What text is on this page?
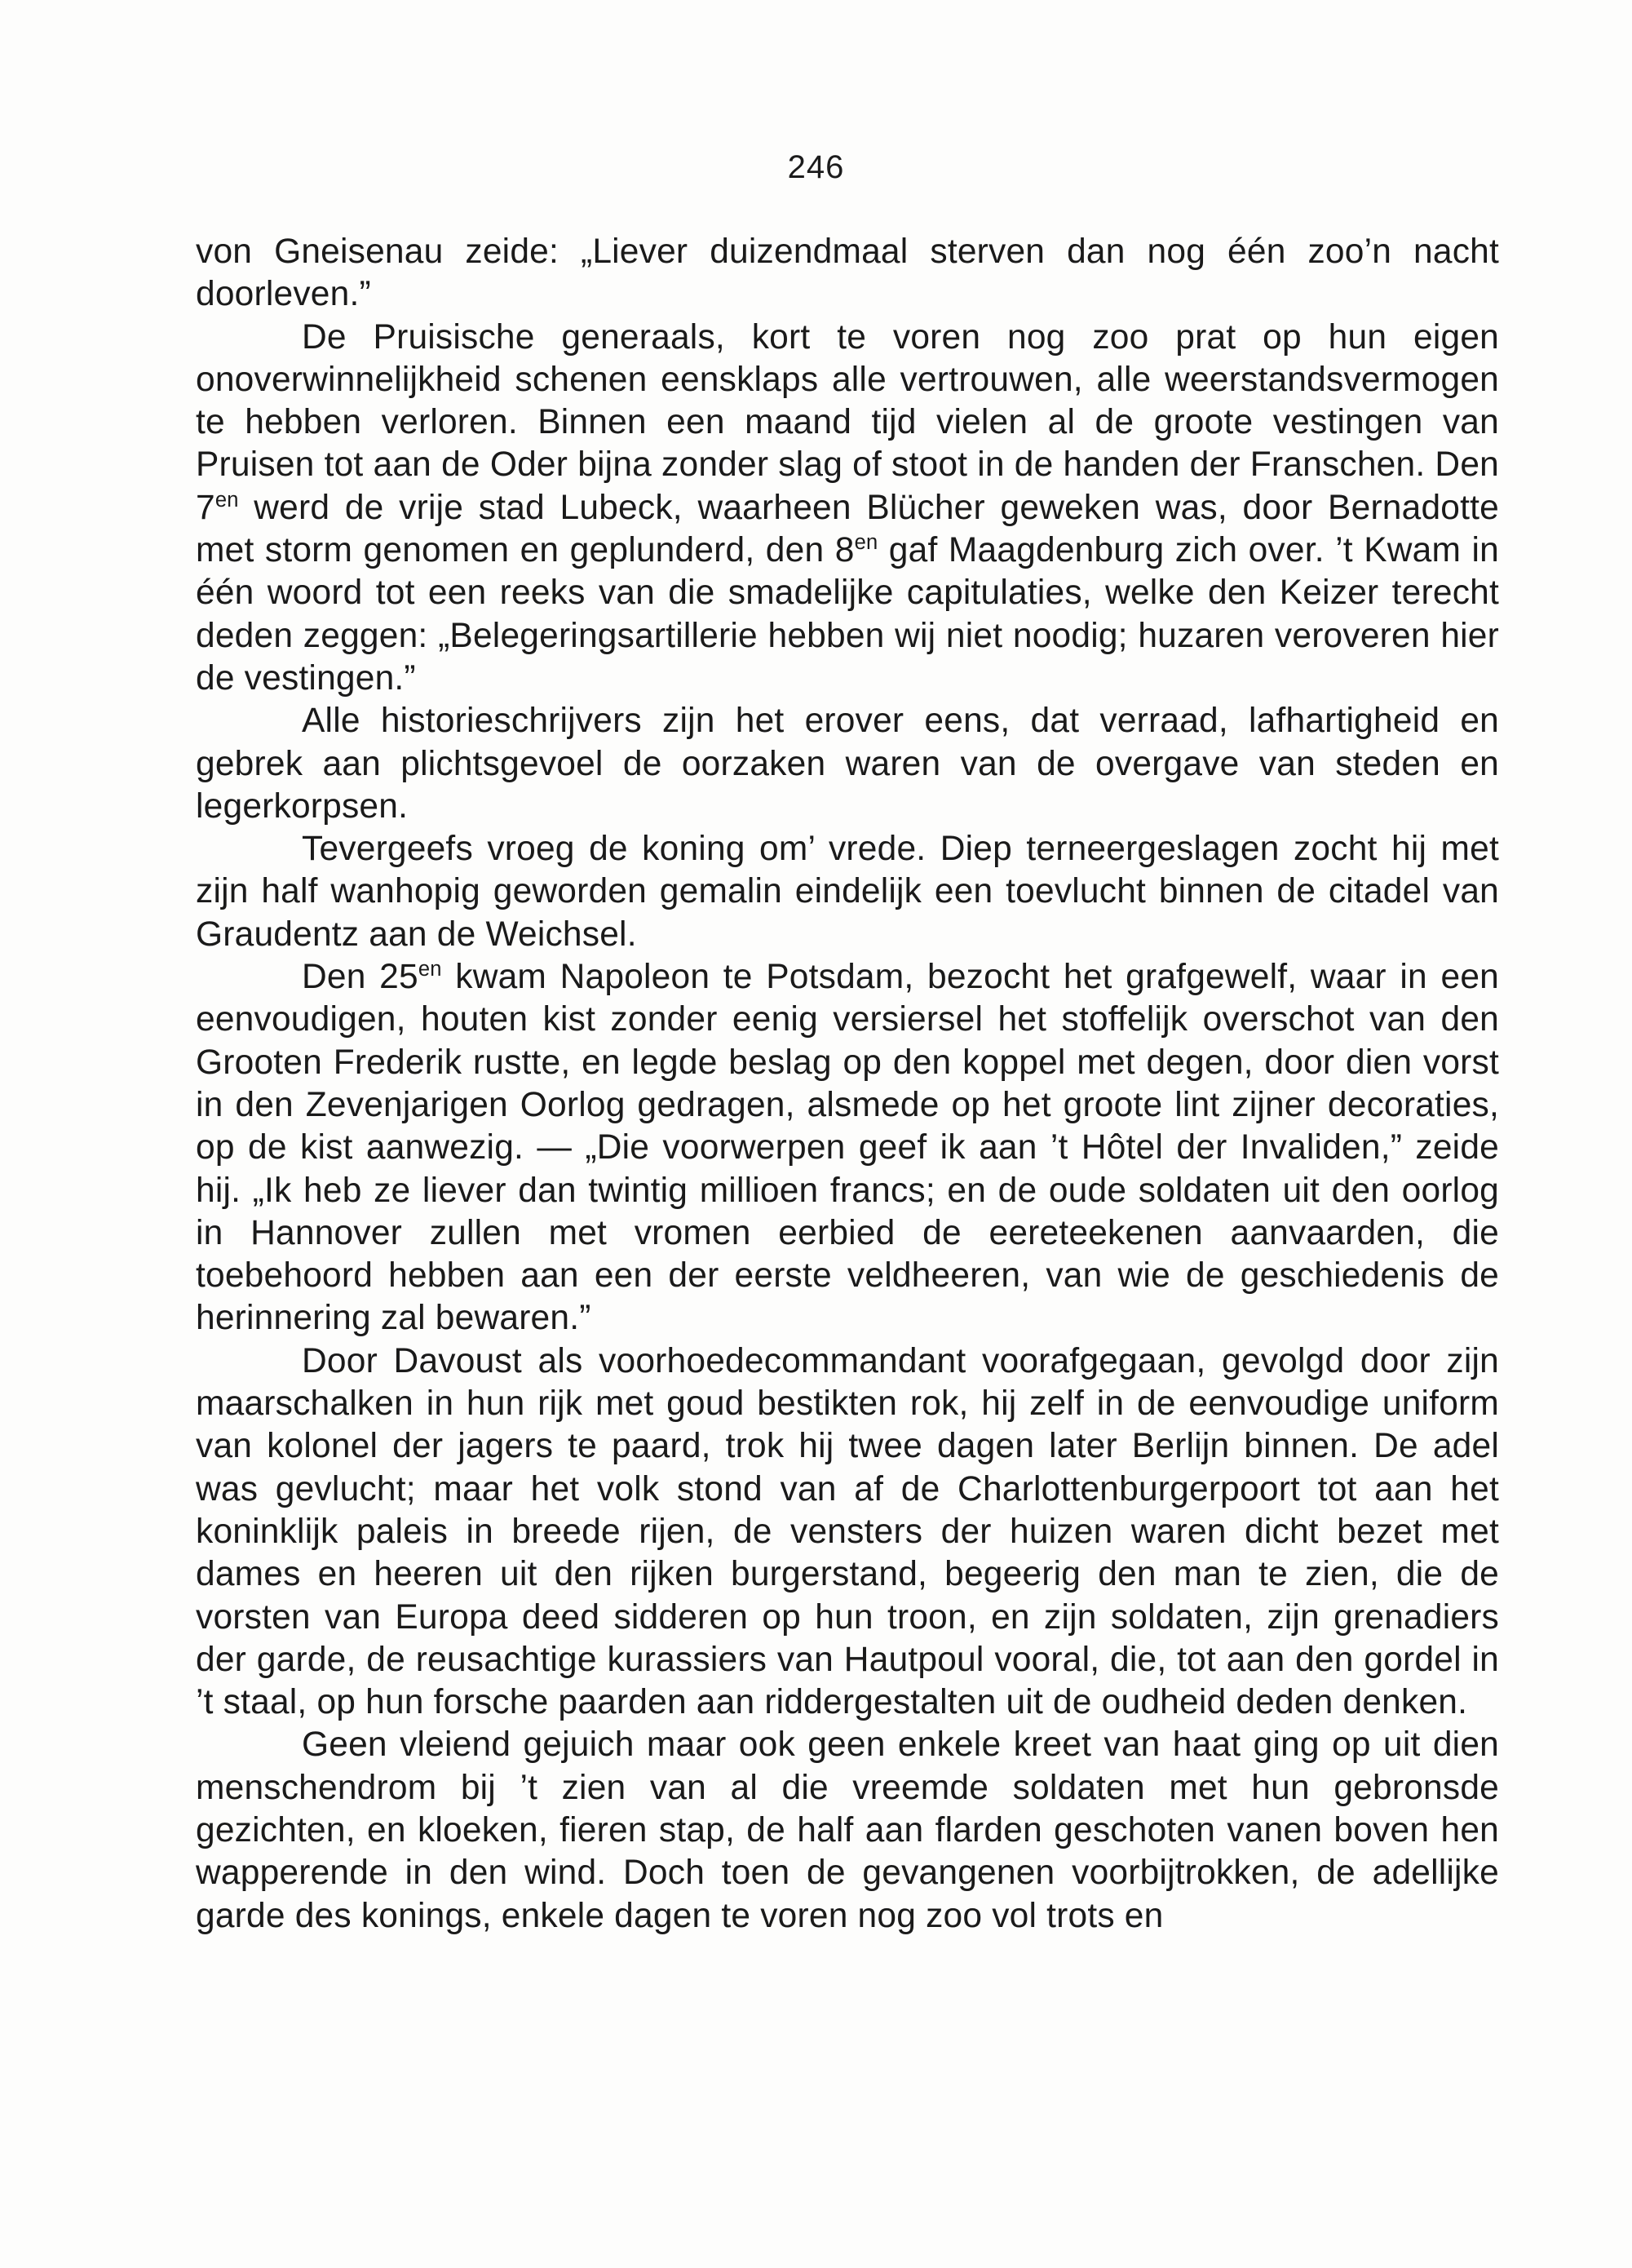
246

von Gneisenau zeide: „Liever duizendmaal sterven dan nog één zoo’n nacht doorleven.”

De Pruisische generaals, kort te voren nog zoo prat op hun eigen onoverwinnelijkheid schenen eensklaps alle vertrouwen, alle weerstandsvermogen te hebben verloren. Binnen een maand tijd vielen al de groote vestingen van Pruisen tot aan de Oder bijna zonder slag of stoot in de handen der Franschen. Den $7^{en}$ werd de vrije stad Lubeck, waarheen Blücher geweken was, door Bernadotte met storm genomen en geplunderd, den $8^{en}$ gaf Maagdenburg zich over. ’t Kwam in één woord tot een reeks van die smadelijke capitulaties, welke den Keizer terecht deden zeggen: „Belegeringsartillerie hebben wij niet noodig; huzaren veroveren hier de vestingen.”

Alle historieschrijvers zijn het erover eens, dat verraad, lafhartigheid en gebrek aan plichtsgevoel de oorzaken waren van de overgave van steden en legerkorpsen.

Tevergeefs vroeg de koning om’ vrede. Diep terneergeslagen zocht hij met zijn half wanhopig geworden gemalin eindelijk een toevlucht binnen de citadel van Graudentz aan de Weichsel.

Den $25^{en}$ kwam Napoleon te Potsdam, bezocht het grafgewelf, waar in een eenvoudigen, houten kist zonder eenig versiersel het stoffelijk overschot van den Grooten Frederik rustte, en legde beslag op den koppel met degen, door dien vorst in den Zevenjarigen Oorlog gedragen, alsmede op het groote lint zijner decoraties, op de kist aanwezig. — „Die voorwerpen geef ik aan ’t Hôtel der Invaliden,” zeide hij. „Ik heb ze liever dan twintig millioen francs; en de oude soldaten uit den oorlog in Hannover zullen met vromen eerbied de eereteekenen aanvaarden, die toebehoord hebben aan een der eerste veldheeren, van wie de geschiedenis de herinnering zal bewaren.”

Door Davoust als voorhoedecommandant voorafgegaan, gevolgd door zijn maarschalken in hun rijk met goud bestikten rok, hij zelf in de eenvoudige uniform van kolonel der jagers te paard, trok hij twee dagen later Berlijn binnen. De adel was gevlucht; maar het volk stond van af de Charlottenburgerpoort tot aan het koninklijk paleis in breede rijen, de vensters der huizen waren dicht bezet met dames en heeren uit den rijken burgerstand, begeerig den man te zien, die de vorsten van Europa deed sidderen op hun troon, en zijn soldaten, zijn grenadiers der garde, de reusachtige kurassiers van Hautpoul vooral, die, tot aan den gordel in ’t staal, op hun forsche paarden aan riddergestalten uit de oudheid deden denken.

Geen vleiend gejuich maar ook geen enkele kreet van haat ging op uit dien menschendrom bij ’t zien van al die vreemde soldaten met hun gebronsde gezichten, en kloeken, fieren stap, de half aan flarden geschoten vanen boven hen wapperende in den wind. Doch toen de gevangenen voorbijtrokken, de adellijke garde des konings, enkele dagen te voren nog zoo vol trots en
